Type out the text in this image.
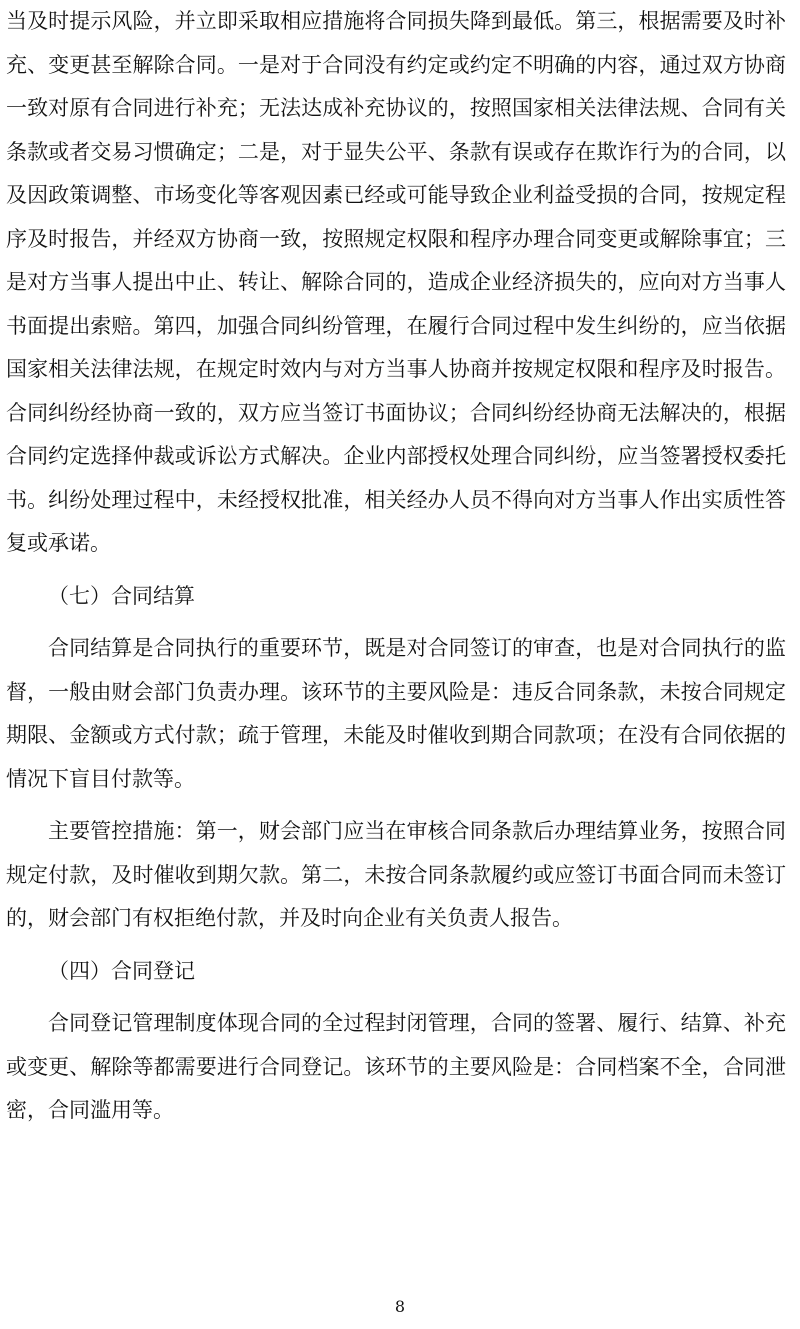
当及时提示风险，并立即采取相应措施将合同损失降到最低。第三，根据需要及时补充、变更甚至解除合同。一是对于合同没有约定或约定不明确的内容，通过双方协商一致对原有合同进行补充；无法达成补充协议的，按照国家相关法律法规、合同有关条款或者交易习惯确定；二是，对于显失公平、条款有误或存在欺诈行为的合同，以及因政策调整、市场变化等客观因素已经或可能导致企业利益受损的合同，按规定程序及时报告，并经双方协商一致，按照规定权限和程序办理合同变更或解除事宜；三是对方当事人提出中止、转让、解除合同的，造成企业经济损失的，应向对方当事人书面提出索赔。第四，加强合同纠纷管理，在履行合同过程中发生纠纷的，应当依据国家相关法律法规，在规定时效内与对方当事人协商并按规定权限和程序及时报告。合同纠纷经协商一致的，双方应当签订书面协议；合同纠纷经协商无法解决的，根据合同约定选择仲裁或诉讼方式解决。企业内部授权处理合同纠纷，应当签署授权委托书。纠纷处理过程中，未经授权批准，相关经办人员不得向对方当事人作出实质性答复或承诺。

（七）合同结算

合同结算是合同执行的重要环节，既是对合同签订的审查，也是对合同执行的监督，一般由财会部门负责办理。该环节的主要风险是：违反合同条款，未按合同规定期限、金额或方式付款；疏于管理，未能及时催收到期合同款项；在没有合同依据的情况下盲目付款等。

主要管控措施：第一，财会部门应当在审核合同条款后办理结算业务，按照合同规定付款，及时催收到期欠款。第二，未按合同条款履约或应签订书面合同而未签订的，财会部门有权拒绝付款，并及时向企业有关负责人报告。

（四）合同登记

合同登记管理制度体现合同的全过程封闭管理，合同的签署、履行、结算、补充或变更、解除等都需要进行合同登记。该环节的主要风险是：合同档案不全，合同泄密，合同滥用等。

8
